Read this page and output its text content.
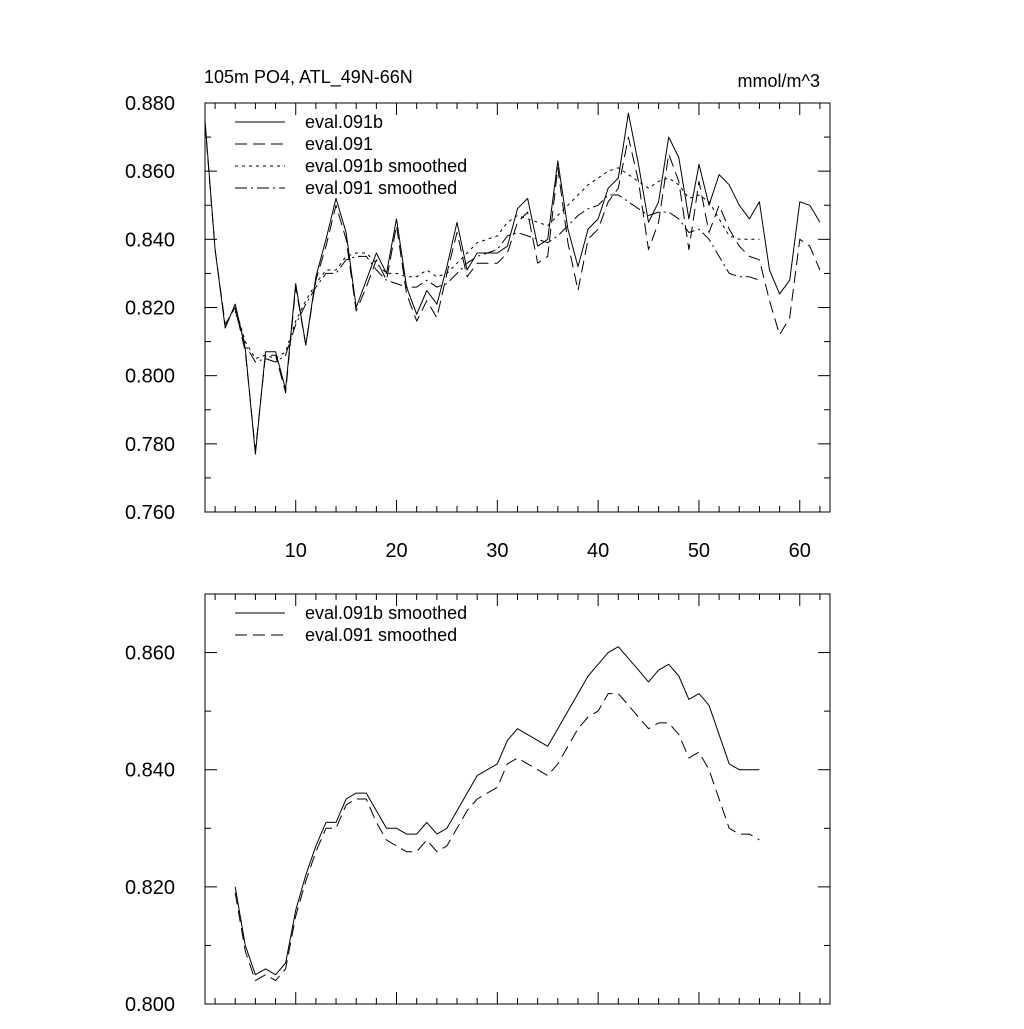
105m PO4, ATL_49N-66N	mmol/m^3
0.760
0.780
0.800
0.820
0.840
0.860
0.880
10	20	30	40	50	60
eval.091b
eval.091
eval.091b smoothed
eval.091 smoothed
0.800
0.820
0.840
0.860
eval.091b smoothed
eval.091 smoothed
